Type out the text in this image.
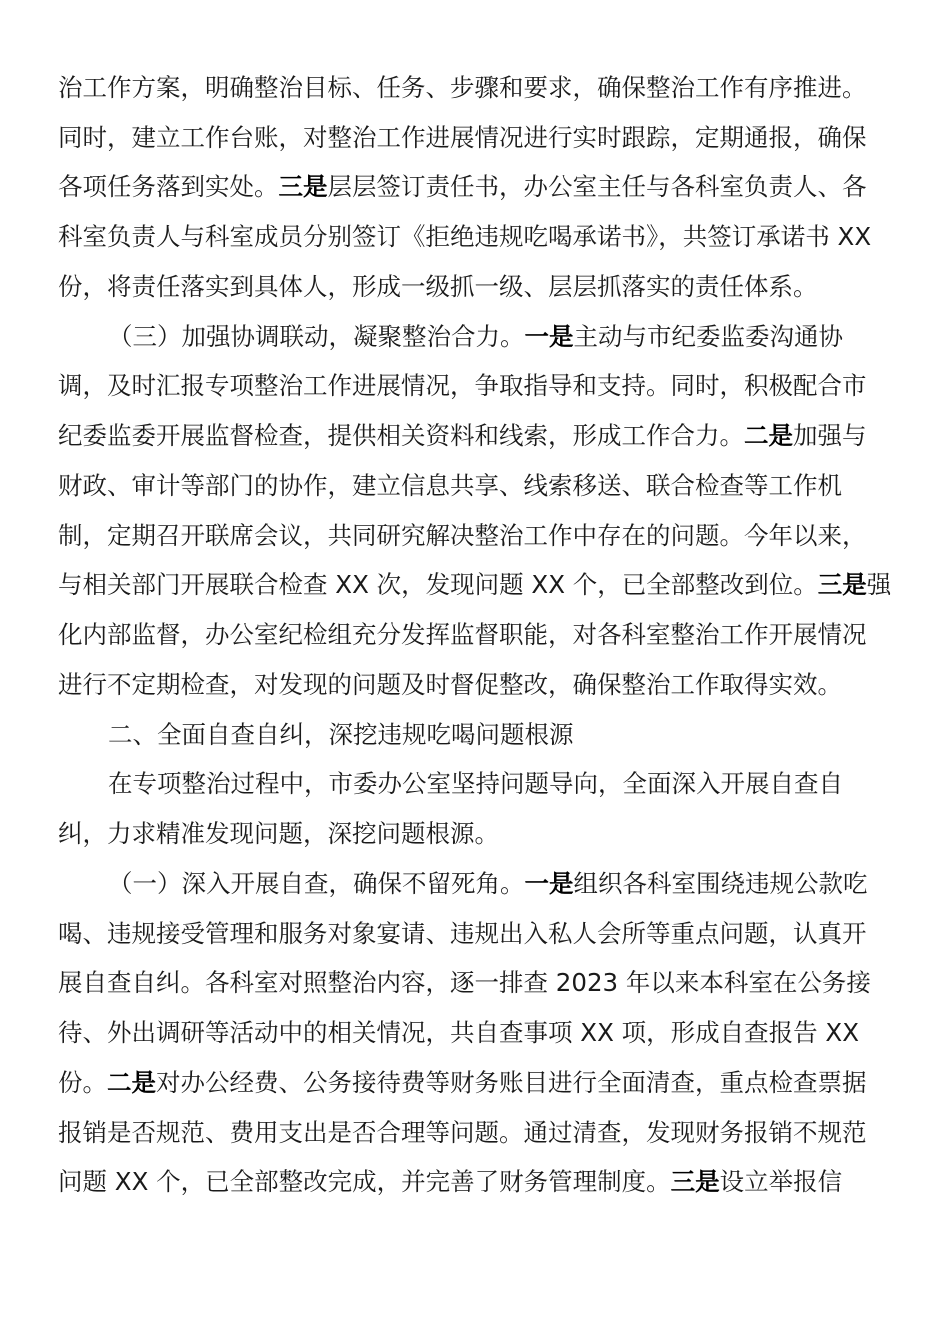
治工作方案，明确整治目标、任务、步骤和要求，确保整治工作有序推进。
同时，建立工作台账，对整治工作进展情况进行实时跟踪，定期通报，确保
各项任务落到实处。三是层层签订责任书，办公室主任与各科室负责人、各
科室负责人与科室成员分别签订《拒绝违规吃喝承诺书》，共签订承诺书 XX
份，将责任落实到具体人，形成一级抓一级、层层抓落实的责任体系。
（三）加强协调联动，凝聚整治合力。一是主动与市纪委监委沟通协
调，及时汇报专项整治工作进展情况，争取指导和支持。同时，积极配合市
纪委监委开展监督检查，提供相关资料和线索，形成工作合力。二是加强与
财政、审计等部门的协作，建立信息共享、线索移送、联合检查等工作机
制，定期召开联席会议，共同研究解决整治工作中存在的问题。今年以来，
与相关部门开展联合检查 XX 次，发现问题 XX 个，已全部整改到位。三是强
化内部监督，办公室纪检组充分发挥监督职能，对各科室整治工作开展情况
进行不定期检查，对发现的问题及时督促整改，确保整治工作取得实效。
二、全面自查自纠，深挖违规吃喝问题根源
在专项整治过程中，市委办公室坚持问题导向，全面深入开展自查自
纠，力求精准发现问题，深挖问题根源。
（一）深入开展自查，确保不留死角。一是组织各科室围绕违规公款吃
喝、违规接受管理和服务对象宴请、违规出入私人会所等重点问题，认真开
展自查自纠。各科室对照整治内容，逐一排查 2023 年以来本科室在公务接
待、外出调研等活动中的相关情况，共自查事项 XX 项，形成自查报告 XX
份。二是对办公经费、公务接待费等财务账目进行全面清查，重点检查票据
报销是否规范、费用支出是否合理等问题。通过清查，发现财务报销不规范
问题 XX 个，已全部整改完成，并完善了财务管理制度。三是设立举报信
